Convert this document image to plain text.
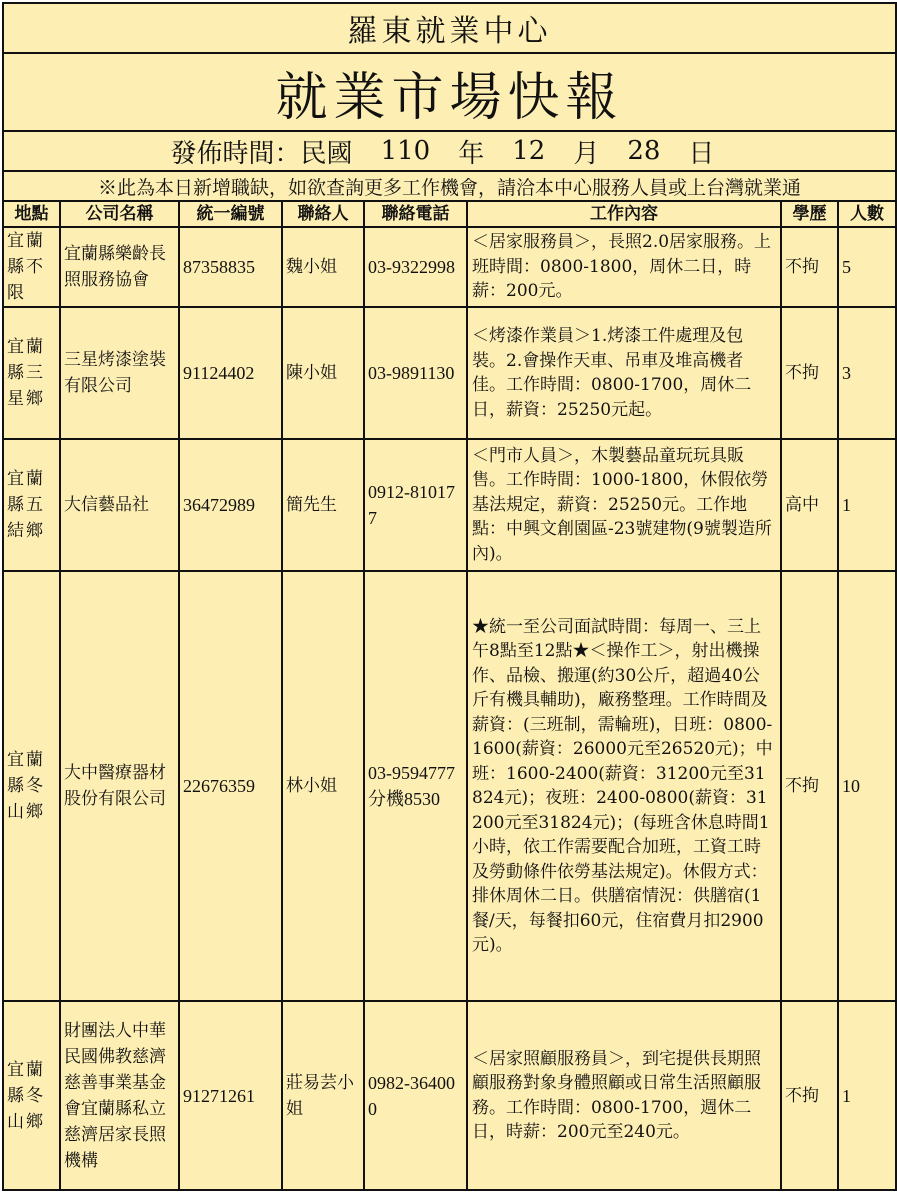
羅東就業中心
就業市場快報
發佈時間：民國 110 年 12 月 28 日
※此為本日新增職缺，如欲查詢更多工作機會，請洽本中心服務人員或上台灣就業通
地點	公司名稱	統一編號	聯絡人	聯絡電話	工作內容	學歷	人數
宜蘭縣不限	宜蘭縣樂齡長照服務協會	87358835	魏小姐	03-9322998	＜居家服務員＞，長照2.0居家服務。上班時間：0800-1800，周休二日，時薪：200元。	不拘	5
宜蘭縣三星鄉	三星烤漆塗裝有限公司	91124402	陳小姐	03-9891130	＜烤漆作業員＞1.烤漆工件處理及包裝。2.會操作天車、吊車及堆高機者佳。工作時間：0800-1700，周休二日，薪資：25250元起。	不拘	3
宜蘭縣五結鄉	大信藝品社	36472989	簡先生	0912-810177	＜門市人員＞，木製藝品童玩玩具販售。工作時間：1000-1800，休假依勞基法規定，薪資：25250元。工作地點：中興文創園區-23號建物(9號製造所內)。	高中	1
宜蘭縣冬山鄉	大中醫療器材股份有限公司	22676359	林小姐	03-9594777分機8530	★統一至公司面試時間：每周一、三上午8點至12點★＜操作工＞，射出機操作、品檢、搬運(約30公斤，超過40公斤有機具輔助)，廠務整理。工作時間及薪資：(三班制，需輪班)，日班：0800-1600(薪資：26000元至26520元)；中班：1600-2400(薪資：31200元至31824元)；夜班：2400-0800(薪資：31200元至31824元)；(每班含休息時間1小時，依工作需要配合加班，工資工時及勞動條件依勞基法規定)。休假方式：排休周休二日。供膳宿情況：供膳宿(1餐/天，每餐扣60元，住宿費月扣2900元)。	不拘	10
宜蘭縣冬山鄉	財團法人中華民國佛教慈濟慈善事業基金會宜蘭縣私立慈濟居家長照機構	91271261	莊易芸小姐	0982-364000	＜居家照顧服務員＞，到宅提供長期照顧服務對象身體照顧或日常生活照顧服務。工作時間：0800-1700，週休二日，時薪：200元至240元。	不拘	1
